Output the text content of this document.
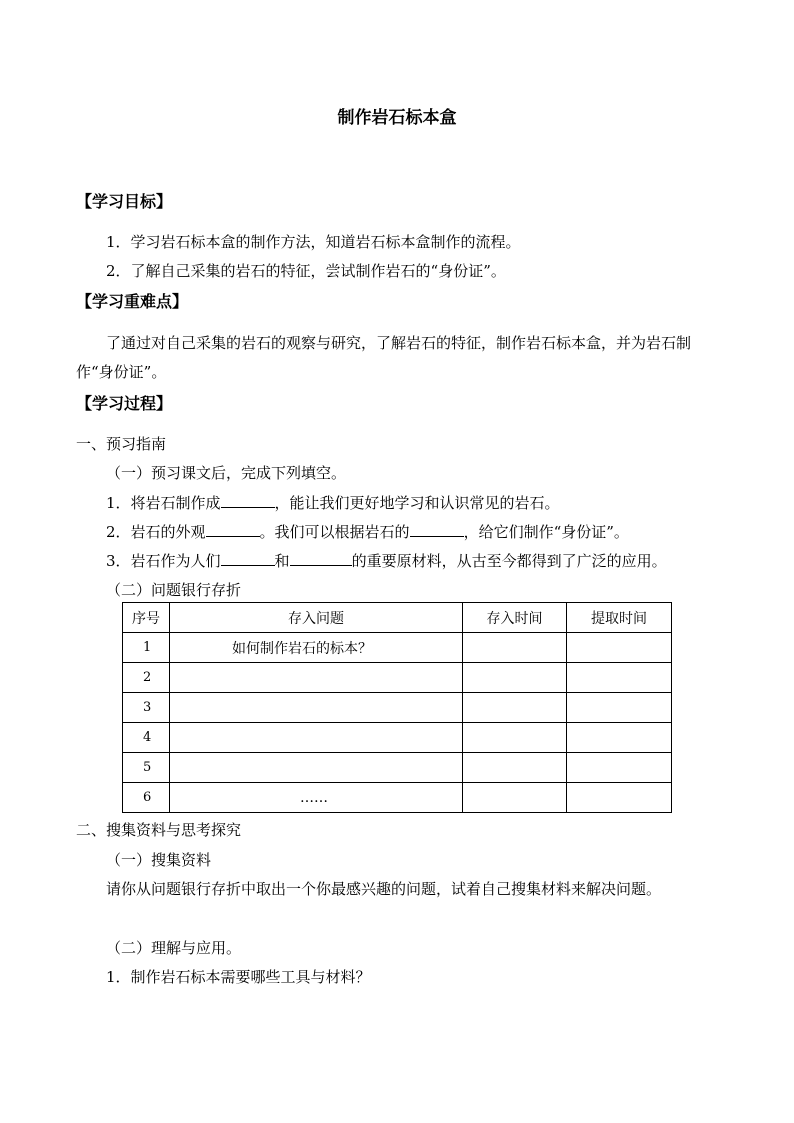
制作岩石标本盒
【学习目标】
1．学习岩石标本盒的制作方法，知道岩石标本盒制作的流程。
2．了解自己采集的岩石的特征，尝试制作岩石的“身份证”。
【学习重难点】
了通过对自己采集的岩石的观察与研究，了解岩石的特征，制作岩石标本盒，并为岩石制
作“身份证”。
【学习过程】
一、预习指南
（一）预习课文后，完成下列填空。
1．将岩石制作成	，能让我们更好地学习和认识常见的岩石。
2．岩石的外观	。我们可以根据岩石的	，给它们制作“身份证”。
3．岩石作为人们	和	的重要原材料，从古至今都得到了广泛的应用。
（二）问题银行存折
序号	存入问题	存入时间	提取时间
1	如何制作岩石的标本？		
2			
3			
4			
5			
6	……		
二、搜集资料与思考探究
（一）搜集资料
请你从问题银行存折中取出一个你最感兴趣的问题，试着自己搜集材料来解决问题。
（二）理解与应用。
1．制作岩石标本需要哪些工具与材料？
